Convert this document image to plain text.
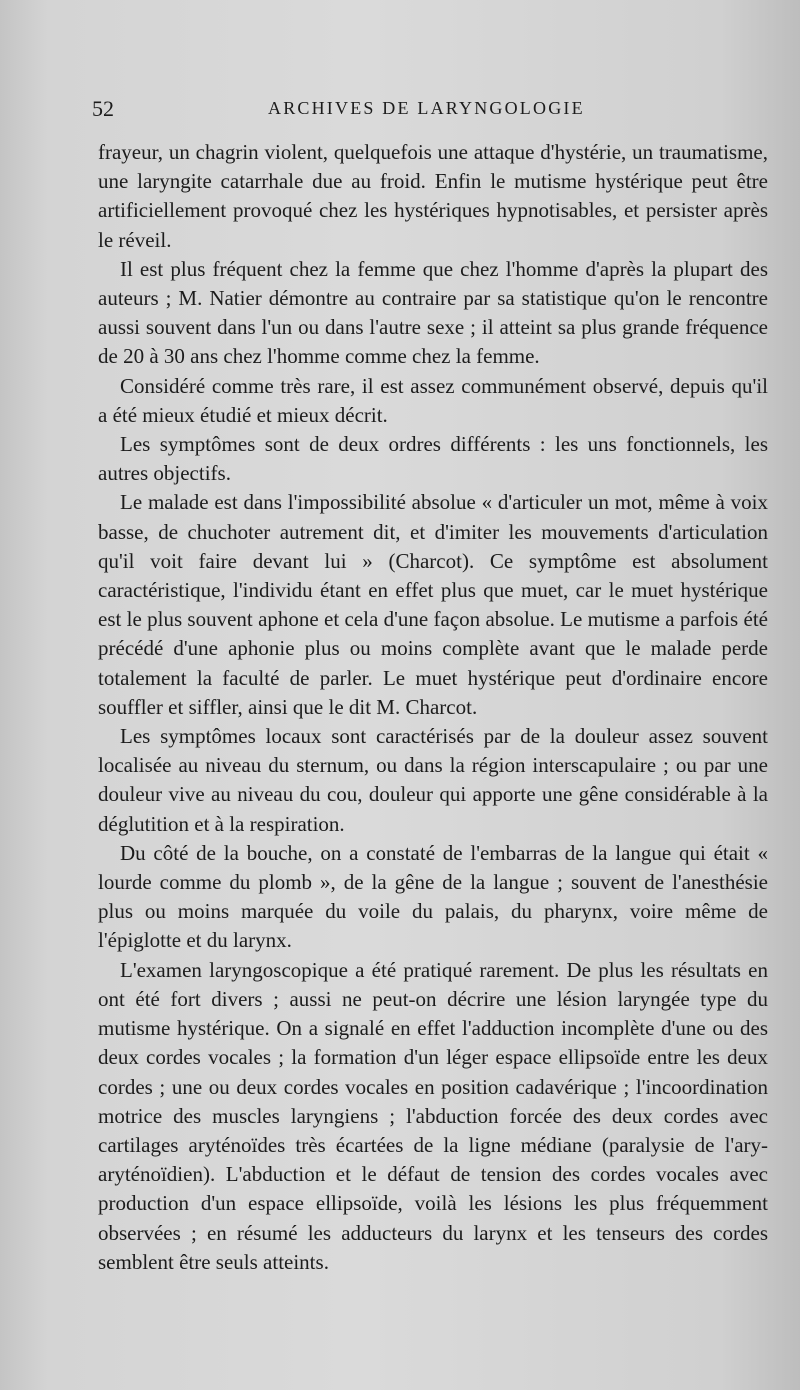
52	ARCHIVES DE LARYNGOLOGIE

frayeur, un chagrin violent, quelquefois une attaque d'hystérie, un traumatisme, une laryngite catarrhale due au froid. Enfin le mutisme hystérique peut être artificiellement provoqué chez les hystériques hypnotisables, et persister après le réveil.

Il est plus fréquent chez la femme que chez l'homme d'après la plupart des auteurs ; M. Natier démontre au contraire par sa statistique qu'on le rencontre aussi souvent dans l'un ou dans l'autre sexe ; il atteint sa plus grande fréquence de 20 à 30 ans chez l'homme comme chez la femme.

Considéré comme très rare, il est assez communément observé, depuis qu'il a été mieux étudié et mieux décrit.

Les symptômes sont de deux ordres différents : les uns fonctionnels, les autres objectifs.

Le malade est dans l'impossibilité absolue « d'articuler un mot, même à voix basse, de chuchoter autrement dit, et d'imiter les mouvements d'articulation qu'il voit faire devant lui » (Charcot). Ce symptôme est absolument caractéristique, l'individu étant en effet plus que muet, car le muet hystérique est le plus souvent aphone et cela d'une façon absolue. Le mutisme a parfois été précédé d'une aphonie plus ou moins complète avant que le malade perde totalement la faculté de parler. Le muet hystérique peut d'ordinaire encore souffler et siffler, ainsi que le dit M. Charcot.

Les symptômes locaux sont caractérisés par de la douleur assez souvent localisée au niveau du sternum, ou dans la région interscapulaire ; ou par une douleur vive au niveau du cou, douleur qui apporte une gêne considérable à la déglutition et à la respiration.

Du côté de la bouche, on a constaté de l'embarras de la langue qui était « lourde comme du plomb », de la gêne de la langue ; souvent de l'anesthésie plus ou moins marquée du voile du palais, du pharynx, voire même de l'épiglotte et du larynx.

L'examen laryngoscopique a été pratiqué rarement. De plus les résultats en ont été fort divers ; aussi ne peut-on décrire une lésion laryngée type du mutisme hystérique. On a signalé en effet l'adduction incomplète d'une ou des deux cordes vocales ; la formation d'un léger espace ellipsoïde entre les deux cordes ; une ou deux cordes vocales en position cadavérique ; l'incoordination motrice des muscles laryngiens ; l'abduction forcée des deux cordes avec cartilages aryténoïdes très écartées de la ligne médiane (paralysie de l'ary-aryténoïdien). L'abduction et le défaut de tension des cordes vocales avec production d'un espace ellipsoïde, voilà les lésions les plus fréquemment observées ; en résumé les adducteurs du larynx et les tenseurs des cordes semblent être seuls atteints.
